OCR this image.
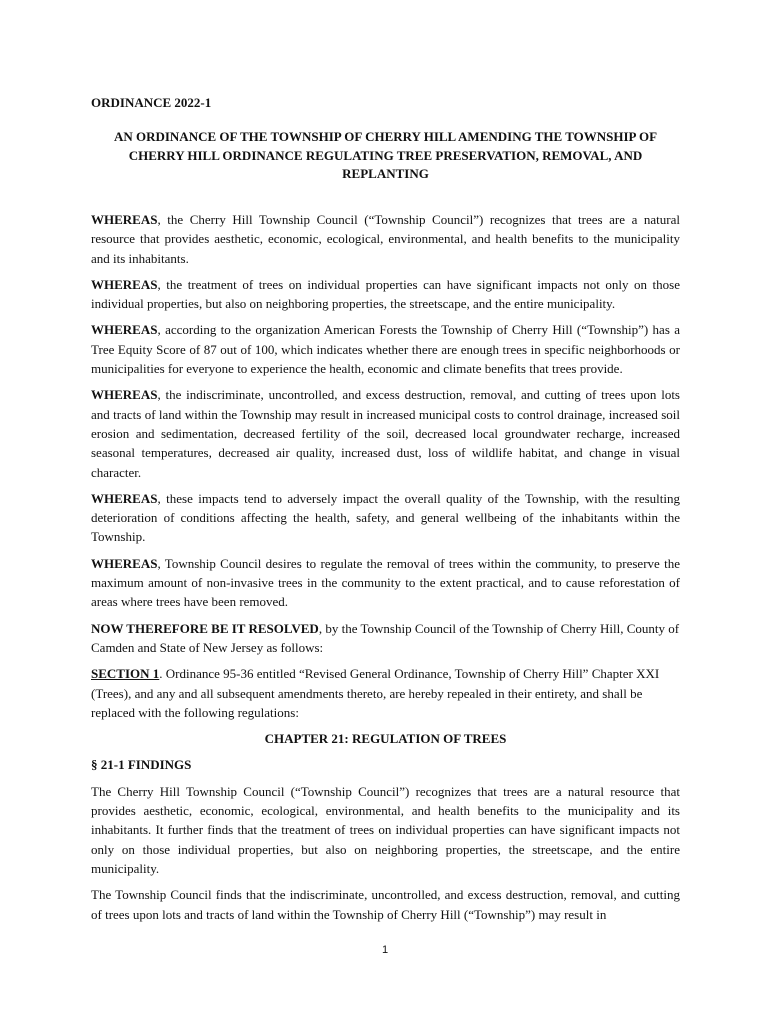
ORDINANCE 2022-1

AN ORDINANCE OF THE TOWNSHIP OF CHERRY HILL AMENDING THE TOWNSHIP OF
CHERRY HILL ORDINANCE REGULATING TREE PRESERVATION, REMOVAL, AND
REPLANTING

WHEREAS, the Cherry Hill Township Council (“Township Council”) recognizes that trees are a natural resource that provides aesthetic, economic, ecological, environmental, and health benefits to the municipality and its inhabitants.

WHEREAS, the treatment of trees on individual properties can have significant impacts not only on those individual properties, but also on neighboring properties, the streetscape, and the entire municipality.

WHEREAS, according to the organization American Forests the Township of Cherry Hill (“Township”) has a Tree Equity Score of 87 out of 100, which indicates whether there are enough trees in specific neighborhoods or municipalities for everyone to experience the health, economic and climate benefits that trees provide.

WHEREAS, the indiscriminate, uncontrolled, and excess destruction, removal, and cutting of trees upon lots and tracts of land within the Township may result in increased municipal costs to control drainage, increased soil erosion and sedimentation, decreased fertility of the soil, decreased local groundwater recharge, increased seasonal temperatures, decreased air quality, increased dust, loss of wildlife habitat, and change in visual character.

WHEREAS, these impacts tend to adversely impact the overall quality of the Township, with the resulting deterioration of conditions affecting the health, safety, and general wellbeing of the inhabitants within the Township.

WHEREAS, Township Council desires to regulate the removal of trees within the community, to preserve the maximum amount of non-invasive trees in the community to the extent practical, and to cause reforestation of areas where trees have been removed.

NOW THEREFORE BE IT RESOLVED, by the Township Council of the Township of Cherry Hill, County of Camden and State of New Jersey as follows:

SECTION 1. Ordinance 95-36 entitled “Revised General Ordinance, Township of Cherry Hill” Chapter XXI (Trees), and any and all subsequent amendments thereto, are hereby repealed in their entirety, and shall be replaced with the following regulations:

CHAPTER 21: REGULATION OF TREES

§ 21-1 FINDINGS

The Cherry Hill Township Council (“Township Council”) recognizes that trees are a natural resource that provides aesthetic, economic, ecological, environmental, and health benefits to the municipality and its inhabitants. It further finds that the treatment of trees on individual properties can have significant impacts not only on those individual properties, but also on neighboring properties, the streetscape, and the entire municipality.

The Township Council finds that the indiscriminate, uncontrolled, and excess destruction, removal, and cutting of trees upon lots and tracts of land within the Township of Cherry Hill (“Township”) may result in

1
